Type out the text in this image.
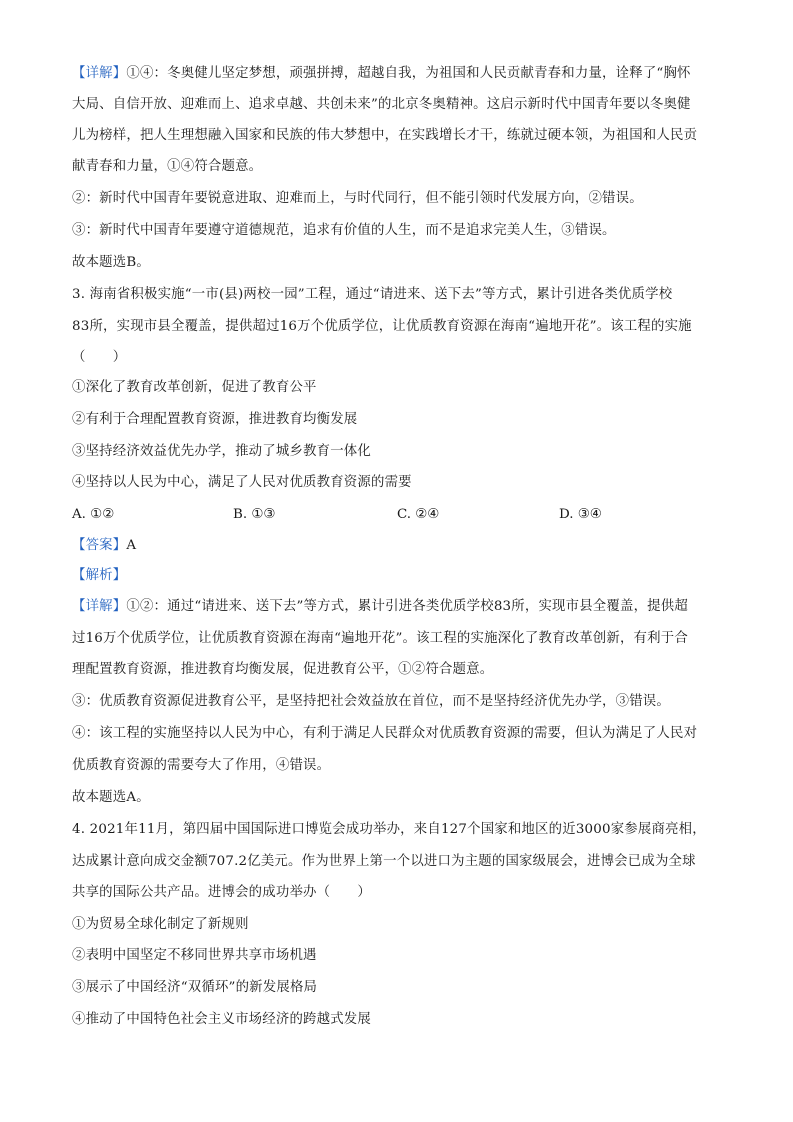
【详解】①④：冬奥健儿坚定梦想，顽强拼搏，超越自我，为祖国和人民贡献青春和力量，诠释了“胸怀
大局、自信开放、迎难而上、追求卓越、共创未来”的北京冬奥精神。这启示新时代中国青年要以冬奥健
儿为榜样，把人生理想融入国家和民族的伟大梦想中，在实践增长才干，练就过硬本领，为祖国和人民贡
献青春和力量，①④符合题意。
②：新时代中国青年要锐意进取、迎难而上，与时代同行，但不能引领时代发展方向，②错误。
③：新时代中国青年要遵守道德规范，追求有价值的人生，而不是追求完美人生，③错误。
故本题选B。
3. 海南省积极实施“一市(县)两校一园”工程，通过“请进来、送下去”等方式，累计引进各类优质学校
83所，实现市县全覆盖，提供超过16万个优质学位，让优质教育资源在海南“遍地开花”。该工程的实施
（　　）
①深化了教育改革创新，促进了教育公平
②有利于合理配置教育资源，推进教育均衡发展
③坚持经济效益优先办学，推动了城乡教育一体化
④坚持以人民为中心，满足了人民对优质教育资源的需要
A. ①②	B. ①③	C. ②④	D. ③④
【答案】A
【解析】
【详解】①②：通过“请进来、送下去”等方式，累计引进各类优质学校83所，实现市县全覆盖，提供超
过16万个优质学位，让优质教育资源在海南“遍地开花”。该工程的实施深化了教育改革创新，有利于合
理配置教育资源，推进教育均衡发展，促进教育公平，①②符合题意。
③：优质教育资源促进教育公平，是坚持把社会效益放在首位，而不是坚持经济优先办学，③错误。
④：该工程的实施坚持以人民为中心，有利于满足人民群众对优质教育资源的需要，但认为满足了人民对
优质教育资源的需要夸大了作用，④错误。
故本题选A。
4. 2021年11月，第四届中国国际进口博览会成功举办，来自127个国家和地区的近3000家参展商亮相，
达成累计意向成交金额707.2亿美元。作为世界上第一个以进口为主题的国家级展会，进博会已成为全球
共享的国际公共产品。进博会的成功举办（　　）
①为贸易全球化制定了新规则
②表明中国坚定不移同世界共享市场机遇
③展示了中国经济“双循环”的新发展格局
④推动了中国特色社会主义市场经济的跨越式发展
